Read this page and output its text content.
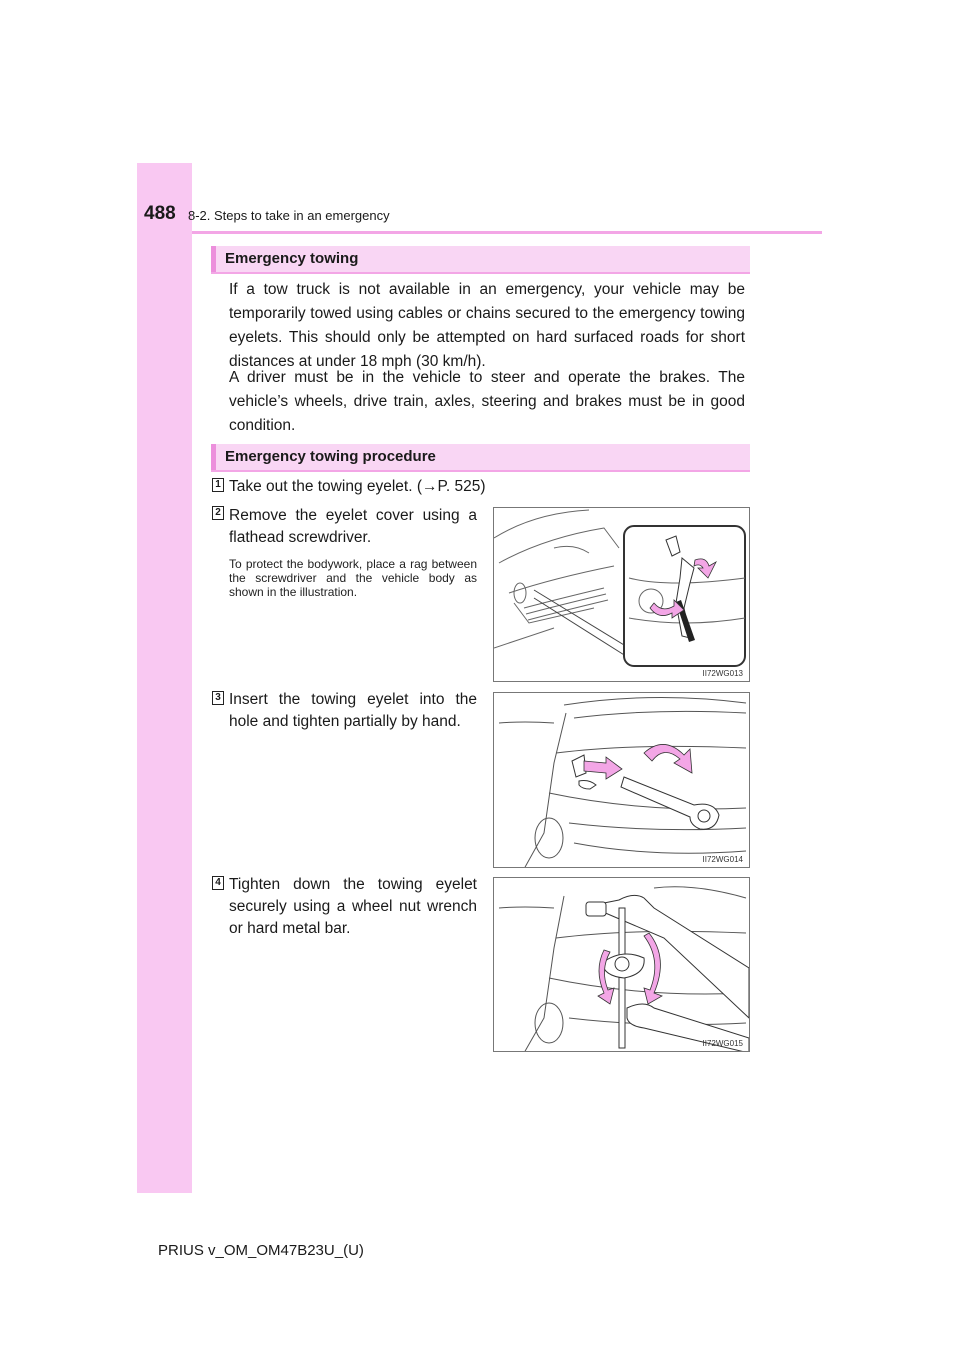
488 8-2. Steps to take in an emergency
Emergency towing
If a tow truck is not available in an emergency, your vehicle may be temporarily towed using cables or chains secured to the emergency towing eyelets. This should only be attempted on hard surfaced roads for short distances at under 18 mph (30 km/h).
A driver must be in the vehicle to steer and operate the brakes. The vehicle’s wheels, drive train, axles, steering and brakes must be in good condition.
Emergency towing procedure
1 Take out the towing eyelet. (→P. 525)
2 Remove the eyelet cover using a flathead screwdriver.
To protect the bodywork, place a rag between the screwdriver and the vehicle body as shown in the illustration.
II72WG013
3 Insert the towing eyelet into the hole and tighten partially by hand.
II72WG014
4 Tighten down the towing eyelet securely using a wheel nut wrench or hard metal bar.
II72WG015
PRIUS v_OM_OM47B23U_(U)
